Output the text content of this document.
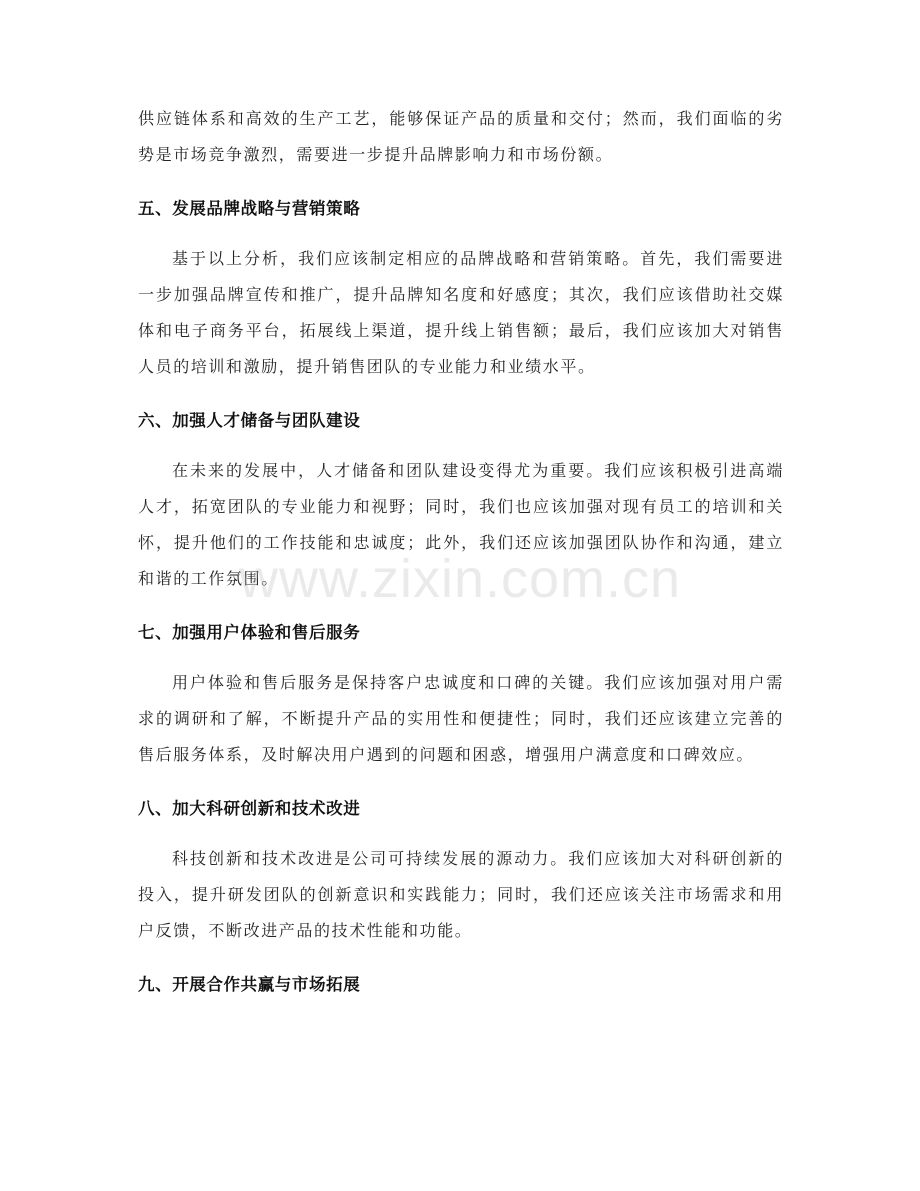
供应链体系和高效的生产工艺，能够保证产品的质量和交付；然而，我们面临的劣势是市场竞争激烈，需要进一步提升品牌影响力和市场份额。

五、发展品牌战略与营销策略

基于以上分析，我们应该制定相应的品牌战略和营销策略。首先，我们需要进一步加强品牌宣传和推广，提升品牌知名度和好感度；其次，我们应该借助社交媒体和电子商务平台，拓展线上渠道，提升线上销售额；最后，我们应该加大对销售人员的培训和激励，提升销售团队的专业能力和业绩水平。

六、加强人才储备与团队建设

在未来的发展中，人才储备和团队建设变得尤为重要。我们应该积极引进高端人才，拓宽团队的专业能力和视野；同时，我们也应该加强对现有员工的培训和关怀，提升他们的工作技能和忠诚度；此外，我们还应该加强团队协作和沟通，建立和谐的工作氛围。

七、加强用户体验和售后服务

用户体验和售后服务是保持客户忠诚度和口碑的关键。我们应该加强对用户需求的调研和了解，不断提升产品的实用性和便捷性；同时，我们还应该建立完善的售后服务体系，及时解决用户遇到的问题和困惑，增强用户满意度和口碑效应。

八、加大科研创新和技术改进

科技创新和技术改进是公司可持续发展的源动力。我们应该加大对科研创新的投入，提升研发团队的创新意识和实践能力；同时，我们还应该关注市场需求和用户反馈，不断改进产品的技术性能和功能。

九、开展合作共赢与市场拓展
www.zixin.com.cn
